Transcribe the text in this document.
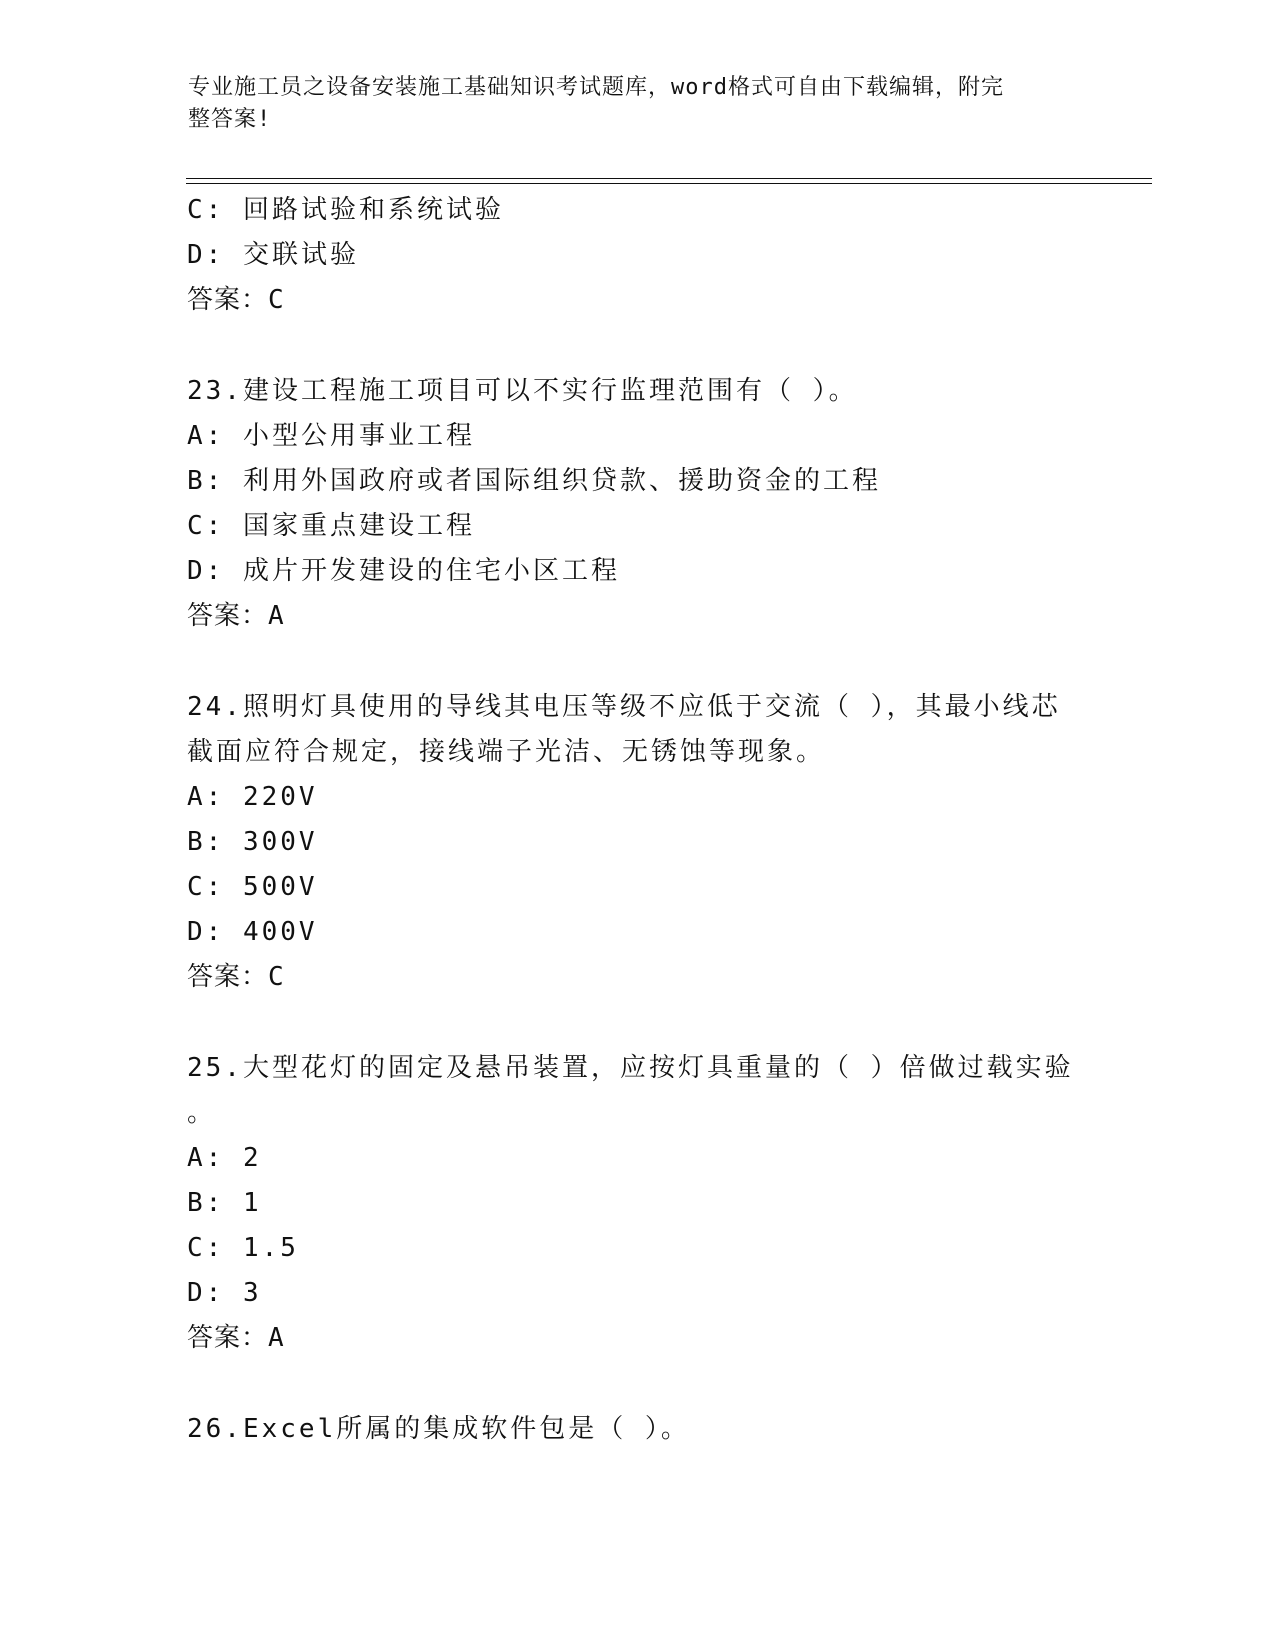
专业施工员之设备安装施工基础知识考试题库，word格式可自由下载编辑，附完
整答案!
C: 回路试验和系统试验
D: 交联试验
答案：C
23.建设工程施工项目可以不实行监理范围有（ ）。
A: 小型公用事业工程
B: 利用外国政府或者国际组织贷款、援助资金的工程
C: 国家重点建设工程
D: 成片开发建设的住宅小区工程
答案：A
24.照明灯具使用的导线其电压等级不应低于交流（ ），其最小线芯
截面应符合规定，接线端子光洁、无锈蚀等现象。
A: 220V
B: 300V
C: 500V
D: 400V
答案：C
25.大型花灯的固定及悬吊装置，应按灯具重量的（ ）倍做过载实验
。
A: 2
B: 1
C: 1.5
D: 3
答案：A
26.Excel所属的集成软件包是（ ）。
